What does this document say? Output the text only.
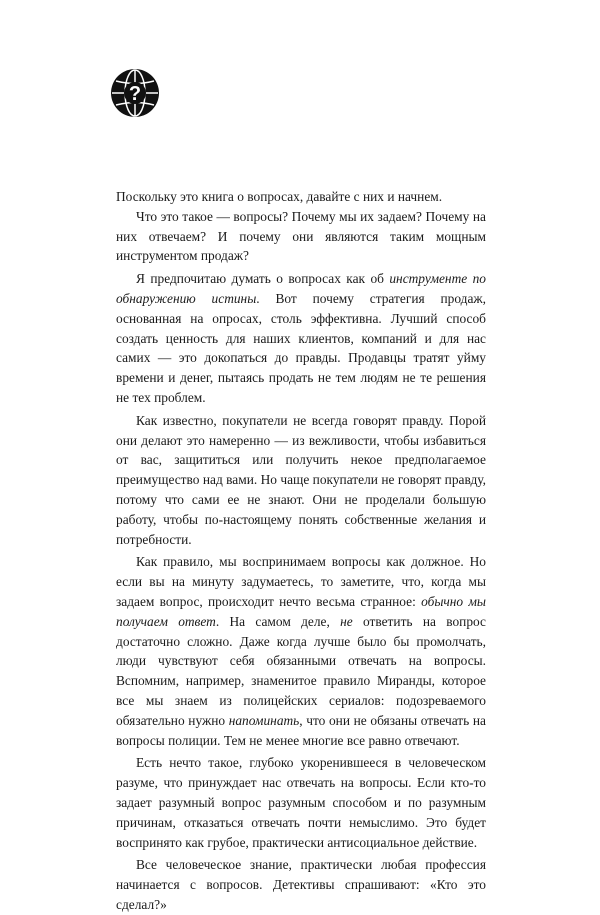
?

Поскольку это книга о вопросах, давайте с них и начнем.

Что это такое — вопросы? Почему мы их задаем? Почему на них отвечаем? И почему они являются таким мощным инструментом продаж?

Я предпочитаю думать о вопросах как об инструменте по обнаружению истины. Вот почему стратегия продаж, основанная на опросах, столь эффективна. Лучший способ создать ценность для наших клиентов, компаний и для нас самих — это докопаться до правды. Продавцы тратят уйму времени и денег, пытаясь продать не тем людям не те решения не тех проблем.

Как известно, покупатели не всегда говорят правду. Порой они делают это намеренно — из вежливости, чтобы избавиться от вас, защититься или получить некое предполагаемое преимущество над вами. Но чаще покупатели не говорят правду, потому что сами ее не знают. Они не проделали большую работу, чтобы по-настоящему понять собственные желания и потребности.

Как правило, мы воспринимаем вопросы как должное. Но если вы на минуту задумаетесь, то заметите, что, когда мы задаем вопрос, происходит нечто весьма странное: обычно мы получаем ответ. На самом деле, не ответить на вопрос достаточно сложно. Даже когда лучше было бы промолчать, люди чувствуют себя обязанными отвечать на вопросы. Вспомним, например, знаменитое правило Миранды, которое все мы знаем из полицейских сериалов: подозреваемого обязательно нужно напоминать, что они не обязаны отвечать на вопросы полиции. Тем не менее многие все равно отвечают.

Есть нечто такое, глубоко укоренившееся в человеческом разуме, что принуждает нас отвечать на вопросы. Если кто-то задает разумный вопрос разумным способом и по разумным причинам, отказаться отвечать почти немыслимо. Это будет воспринято как грубое, практически антисоциальное действие.

Все человеческое знание, практически любая профессия начинается с вопросов. Детективы спрашивают: «Кто это сделал?»
